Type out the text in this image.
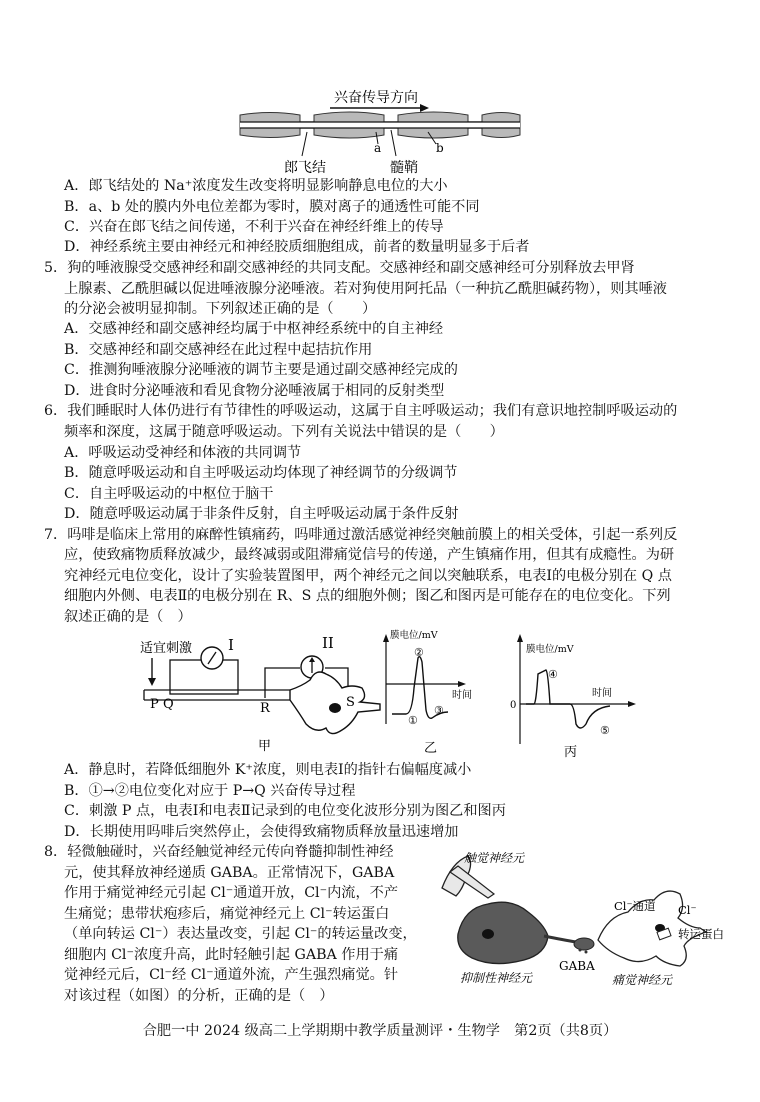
兴奋传导方向
a	b
郎飞结	髓鞘
A．郎飞结处的 Na⁺浓度发生改变将明显影响静息电位的大小
B．a、b 处的膜内外电位差都为零时，膜对离子的通透性可能不同
C．兴奋在郎飞结之间传递，不利于兴奋在神经纤维上的传导
D．神经系统主要由神经元和神经胶质细胞组成，前者的数量明显多于后者
5．狗的唾液腺受交感神经和副交感神经的共同支配。交感神经和副交感神经可分别释放去甲肾
上腺素、乙酰胆碱以促进唾液腺分泌唾液。若对狗使用阿托品（一种抗乙酰胆碱药物），则其唾液
的分泌会被明显抑制。下列叙述正确的是（　　）
A．交感神经和副交感神经均属于中枢神经系统中的自主神经
B．交感神经和副交感神经在此过程中起拮抗作用
C．推测狗唾液腺分泌唾液的调节主要是通过副交感神经完成的
D．进食时分泌唾液和看见食物分泌唾液属于相同的反射类型
6．我们睡眠时人体仍进行有节律性的呼吸运动，这属于自主呼吸运动；我们有意识地控制呼吸运动的
频率和深度，这属于随意呼吸运动。下列有关说法中错误的是（　　）
A．呼吸运动受神经和体液的共同调节
B．随意呼吸运动和自主呼吸运动均体现了神经调节的分级调节
C．自主呼吸运动的中枢位于脑干
D．随意呼吸运动属于非条件反射，自主呼吸运动属于条件反射
7．吗啡是临床上常用的麻醉性镇痛药，吗啡通过激活感觉神经突触前膜上的相关受体，引起一系列反
应，使致痛物质释放减少，最终减弱或阻滞痛觉信号的传递，产生镇痛作用，但其有成瘾性。为研
究神经元电位变化，设计了实验装置图甲，两个神经元之间以突触联系，电表Ⅰ的电极分别在 Q 点
细胞内外侧、电表Ⅱ的电极分别在 R、S 点的细胞外侧；图乙和图丙是可能存在的电位变化。下列
叙述正确的是（　）
适宜刺激 I	II
P Q	R	S
甲
膜电位/mV
时间
①
②
③
乙
膜电位/mV
时间
0
④
⑤
丙
A．静息时，若降低细胞外 K⁺浓度，则电表Ⅰ的指针右偏幅度减小
B．①→②电位变化对应于 P→Q 兴奋传导过程
C．刺激 P 点，电表Ⅰ和电表Ⅱ记录到的电位变化波形分别为图乙和图丙
D．长期使用吗啡后突然停止，会使得致痛物质释放量迅速增加
8．轻微触碰时，兴奋经触觉神经元传向脊髓抑制性神经
元，使其释放神经递质 GABA。正常情况下，GABA
作用于痛觉神经元引起 Cl⁻通道开放，Cl⁻内流，不产
生痛觉；患带状疱疹后，痛觉神经元上 Cl⁻转运蛋白
（单向转运 Cl⁻）表达量改变，引起 Cl⁻的转运量改变，
细胞内 Cl⁻浓度升高，此时轻触引起 GABA 作用于痛
觉神经元后，Cl⁻经 Cl⁻通道外流，产生强烈痛觉。针
对该过程（如图）的分析，正确的是（　）
触觉神经元
GABA
Cl⁻通道 Cl⁻
转运蛋白
抑制性神经元	痛觉神经元
合肥一中 2024 级高二上学期期中教学质量测评・生物学　第2页（共8页）
